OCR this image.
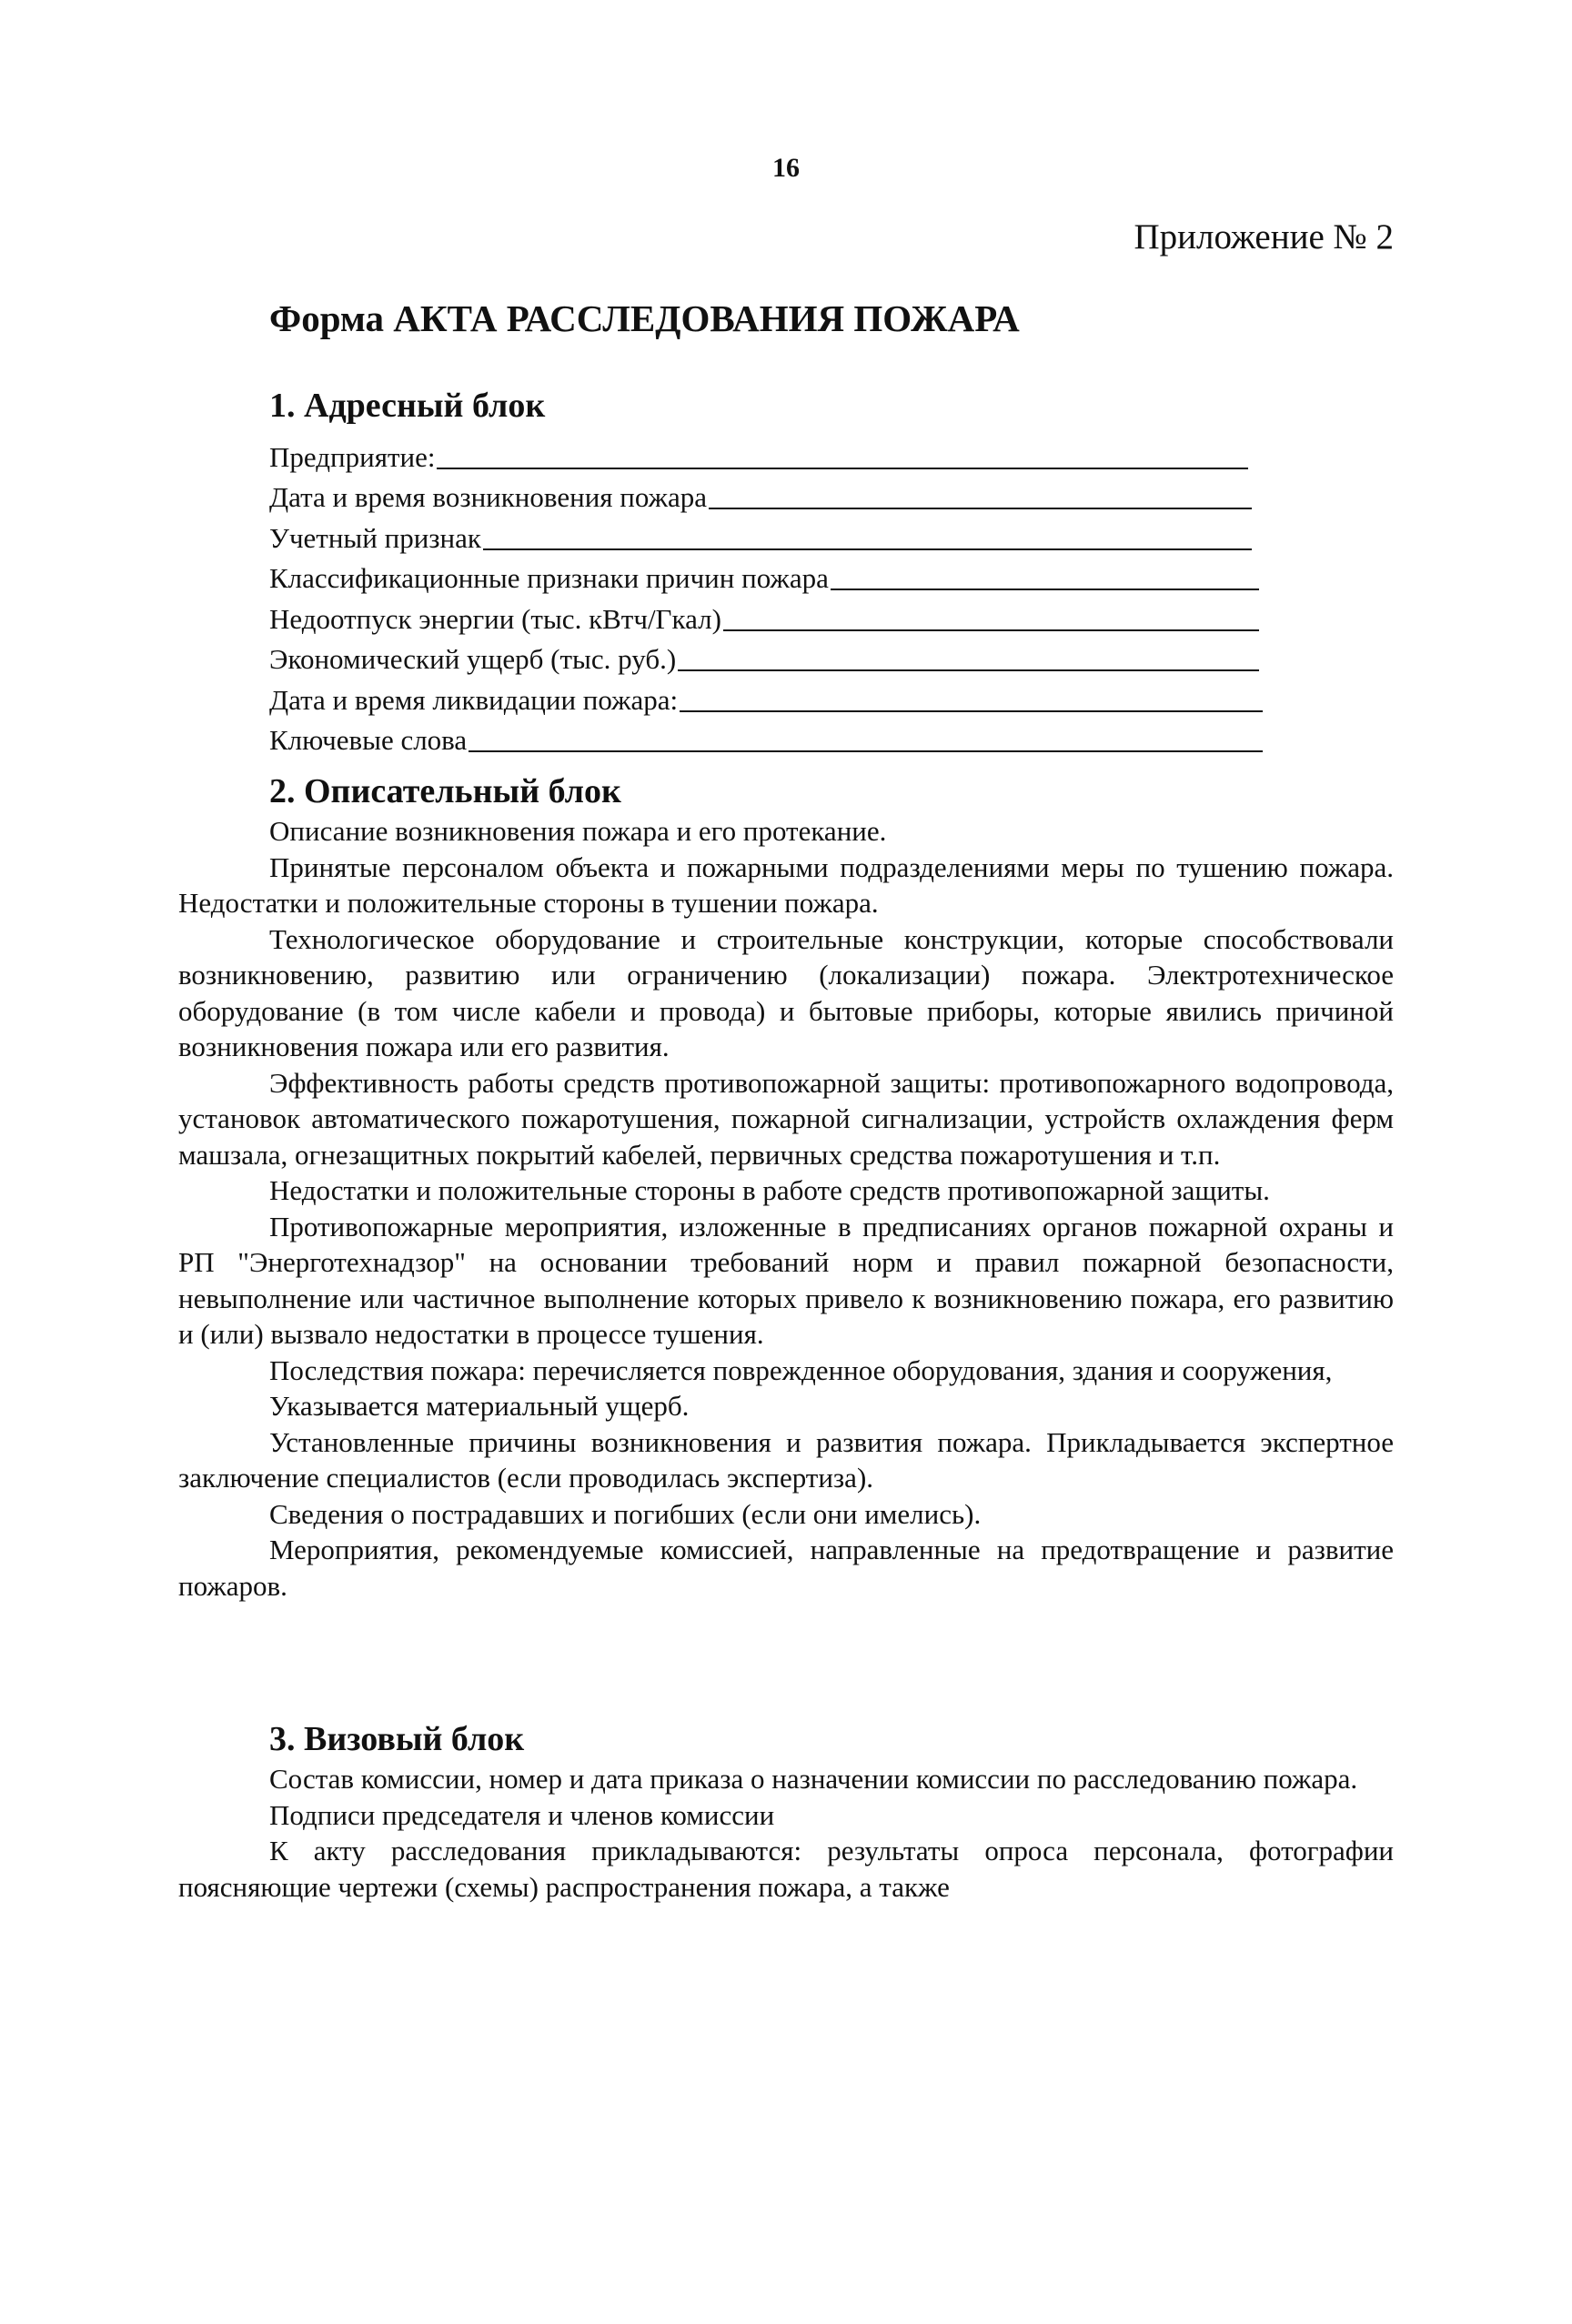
16
Приложение № 2
Форма АКТА РАССЛЕДОВАНИЯ ПОЖАРА
1. Адресный блок
Предприятие:
Дата и время возникновения пожара
Учетный признак
Классификационные признаки причин пожара
Недоотпуск энергии (тыс. кВтч/Гкал)
Экономический ущерб (тыс. руб.)
Дата и время ликвидации пожара:
Ключевые слова
2. Описательный блок

Описание возникновения пожара и его протекание.

Принятые персоналом объекта и пожарными подразделениями меры по тушению пожара. Недостатки и положительные стороны в тушении пожара.

Технологическое оборудование и строительные конструкции, которые способствовали возникновению, развитию или ограничению (локализации) пожара. Электротехническое оборудование (в том числе кабели и провода) и бытовые приборы, которые явились причиной возникновения пожара или его развития.

Эффективность работы средств противопожарной защиты: противопожарного водопровода, установок автоматического пожаротушения, пожарной сигнализации, устройств охлаждения ферм машзала, огнезащитных покрытий кабелей, первичных средства пожаротушения и т.п.

Недостатки и положительные стороны в работе средств противопожарной защиты.

Противопожарные мероприятия, изложенные в предписаниях органов пожарной охраны и РП "Энерготехнадзор" на основании требований норм и правил пожарной безопасности, невыполнение или частичное выполнение которых привело к возникновению пожара, его развитию и (или) вызвало недостатки в процессе тушения.

Последствия пожара: перечисляется поврежденное оборудования, здания и сооружения,

Указывается материальный ущерб.

Установленные причины возникновения и развития пожара. Прикладывается экспертное заключение специалистов (если проводилась экспертиза).

Сведения о пострадавших и погибших (если они имелись).

Мероприятия, рекомендуемые комиссией, направленные на предотвращение и развитие пожаров.

3. Визовый блок

Состав комиссии, номер и дата приказа о назначении комиссии по расследованию пожара.

Подписи председателя и членов комиссии

К акту расследования прикладываются: результаты опроса персонала, фотографии поясняющие чертежи (схемы) распространения пожара, а также
